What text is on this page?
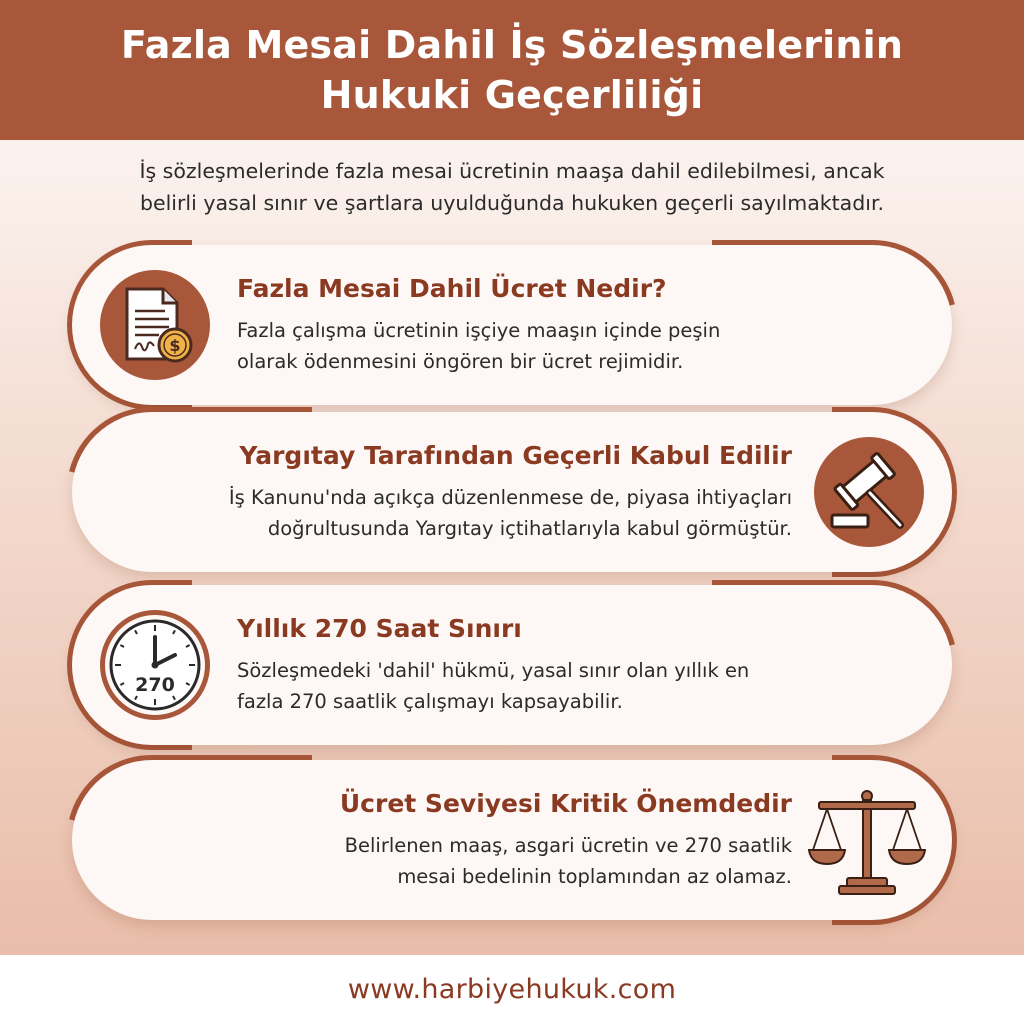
Fazla Mesai Dahil İş Sözleşmelerinin
Hukuki Geçerliliği
İş sözleşmelerinde fazla mesai ücretinin maaşa dahil edilebilmesi, ancak
belirli yasal sınır ve şartlara uyulduğunda hukuken geçerli sayılmaktadır.
$
Fazla Mesai Dahil Ücret Nedir?
Fazla çalışma ücretinin işçiye maaşın içinde peşin
olarak ödenmesini öngören bir ücret rejimidir.
Yargıtay Tarafından Geçerli Kabul Edilir
İş Kanunu'nda açıkça düzenlenmese de, piyasa ihtiyaçları
doğrultusunda Yargıtay içtihatlarıyla kabul görmüştür.
270
Yıllık 270 Saat Sınırı
Sözleşmedeki 'dahil' hükmü, yasal sınır olan yıllık en
fazla 270 saatlik çalışmayı kapsayabilir.
Ücret Seviyesi Kritik Önemdedir
Belirlenen maaş, asgari ücretin ve 270 saatlik
mesai bedelinin toplamından az olamaz.
www.harbiyehukuk.com
